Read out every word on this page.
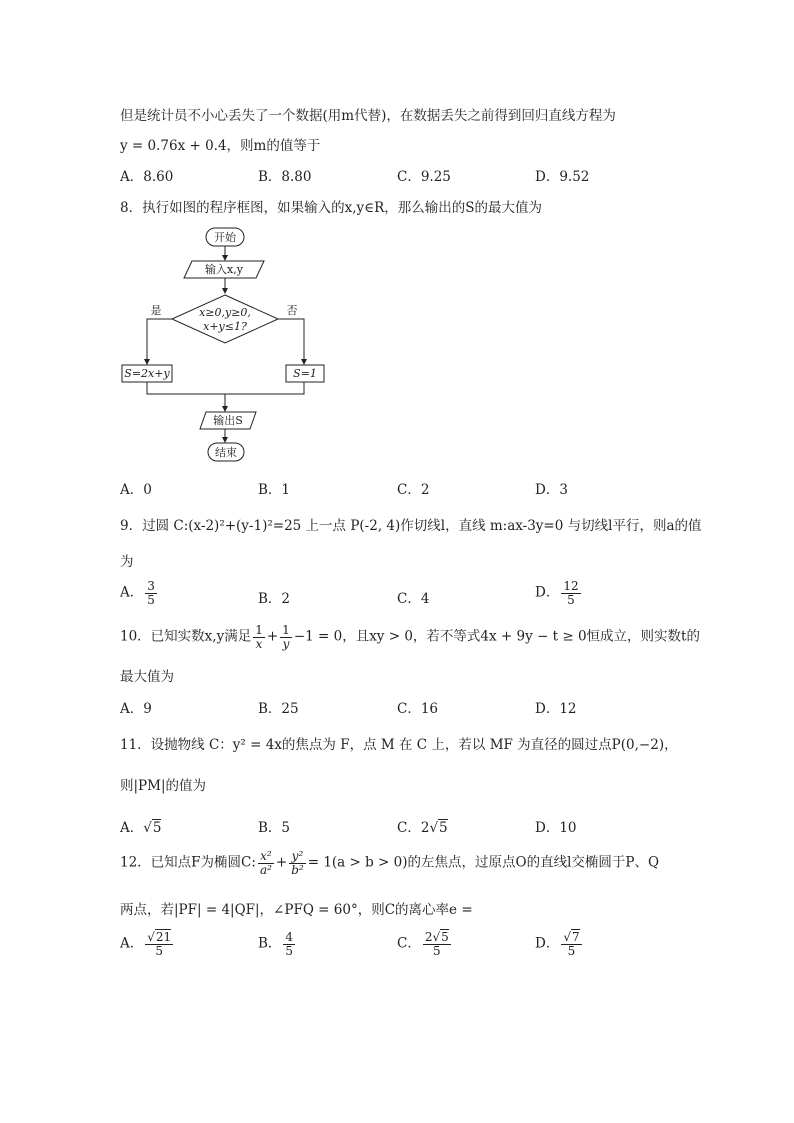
但是统计员不小心丢失了一个数据(用m代替)，在数据丢失之前得到回归直线方程为
y = 0.76x + 0.4，则m的值等于
A．8.60	B．8.80	C．9.25	D．9.52
8．执行如图的程序框图，如果输入的x,y∈R，那么输出的S的最大值为
开始
输入x,y
x≥0,y≥0,
x+y≤1?
是	否
S=2x+y	S=1
输出S
结束
A．0	B．1	C．2	D．3
9．过圆 C:(x-2)²+(y-1)²=25 上一点 P(-2, 4)作切线l，直线 m:ax-3y=0 与切线l平行，则a的值
为
A． $\frac{3}{5}$	B．2	C．4	D． $\frac{12}{5}$
10．已知实数x,y满足 $\frac{1}{x} + \frac{1}{y} -1 = 0$，且xy > 0，若不等式4x + 9y − t ≥ 0恒成立，则实数t的
最大值为
A．9	B．25	C．16	D．12
11．设抛物线 C：y² = 4x的焦点为 F，点 M 在 C 上，若以 MF 为直径的圆过点P(0,−2)，
则|PM|的值为
A．√5	B．5	C．2√5	D．10
12．已知点F为椭圆C: $\frac{\text{x²}}{\text{a²}} + \frac{\text{y²}}{\text{b²}} = 1(a > b > 0)$的左焦点，过原点O的直线l交椭圆于P、Q
两点，若|PF| = 4|QF|，∠PFQ = 60°，则C的离心率e =
A． $\frac{√21}{5}$	B． $\frac{4}{5}$	C． $\frac{2√5}{5}$	D． $\frac{√7}{5}$
